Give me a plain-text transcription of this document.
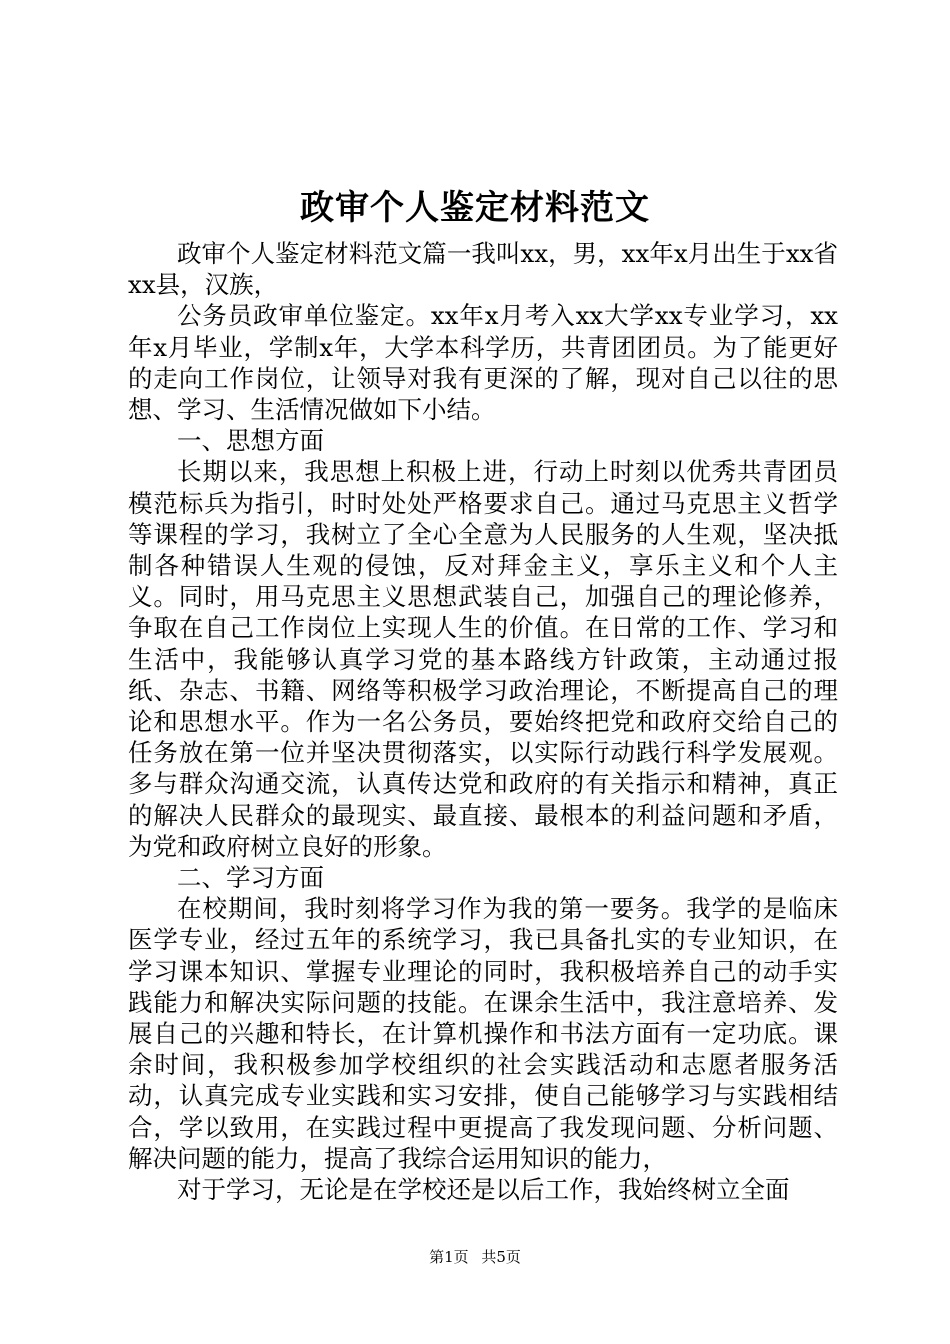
政审个人鉴定材料范文

政审个人鉴定材料范文篇一我叫xx，男，xx年x月出生于xx省xx县，汉族，

公务员政审单位鉴定。xx年x月考入xx大学xx专业学习，xx年x月毕业，学制x年，大学本科学历，共青团团员。为了能更好的走向工作岗位，让领导对我有更深的了解，现对自己以往的思想、学习、生活情况做如下小结。

一、思想方面

长期以来，我思想上积极上进，行动上时刻以优秀共青团员模范标兵为指引，时时处处严格要求自己。通过马克思主义哲学等课程的学习，我树立了全心全意为人民服务的人生观，坚决抵制各种错误人生观的侵蚀，反对拜金主义，享乐主义和个人主义。同时，用马克思主义思想武装自己，加强自己的理论修养，争取在自己工作岗位上实现人生的价值。在日常的工作、学习和生活中，我能够认真学习党的基本路线方针政策，主动通过报纸、杂志、书籍、网络等积极学习政治理论，不断提高自己的理论和思想水平。作为一名公务员，要始终把党和政府交给自己的任务放在第一位并坚决贯彻落实，以实际行动践行科学发展观。多与群众沟通交流，认真传达党和政府的有关指示和精神，真正的解决人民群众的最现实、最直接、最根本的利益问题和矛盾，为党和政府树立良好的形象。

二、学习方面

在校期间，我时刻将学习作为我的第一要务。我学的是临床医学专业，经过五年的系统学习，我已具备扎实的专业知识，在学习课本知识、掌握专业理论的同时，我积极培养自己的动手实践能力和解决实际问题的技能。在课余生活中，我注意培养、发展自己的兴趣和特长，在计算机操作和书法方面有一定功底。课余时间，我积极参加学校组织的社会实践活动和志愿者服务活动，认真完成专业实践和实习安排，使自己能够学习与实践相结合，学以致用，在实践过程中更提高了我发现问题、分析问题、解决问题的能力，提高了我综合运用知识的能力，

对于学习，无论是在学校还是以后工作，我始终树立全面

第1页 共5页
